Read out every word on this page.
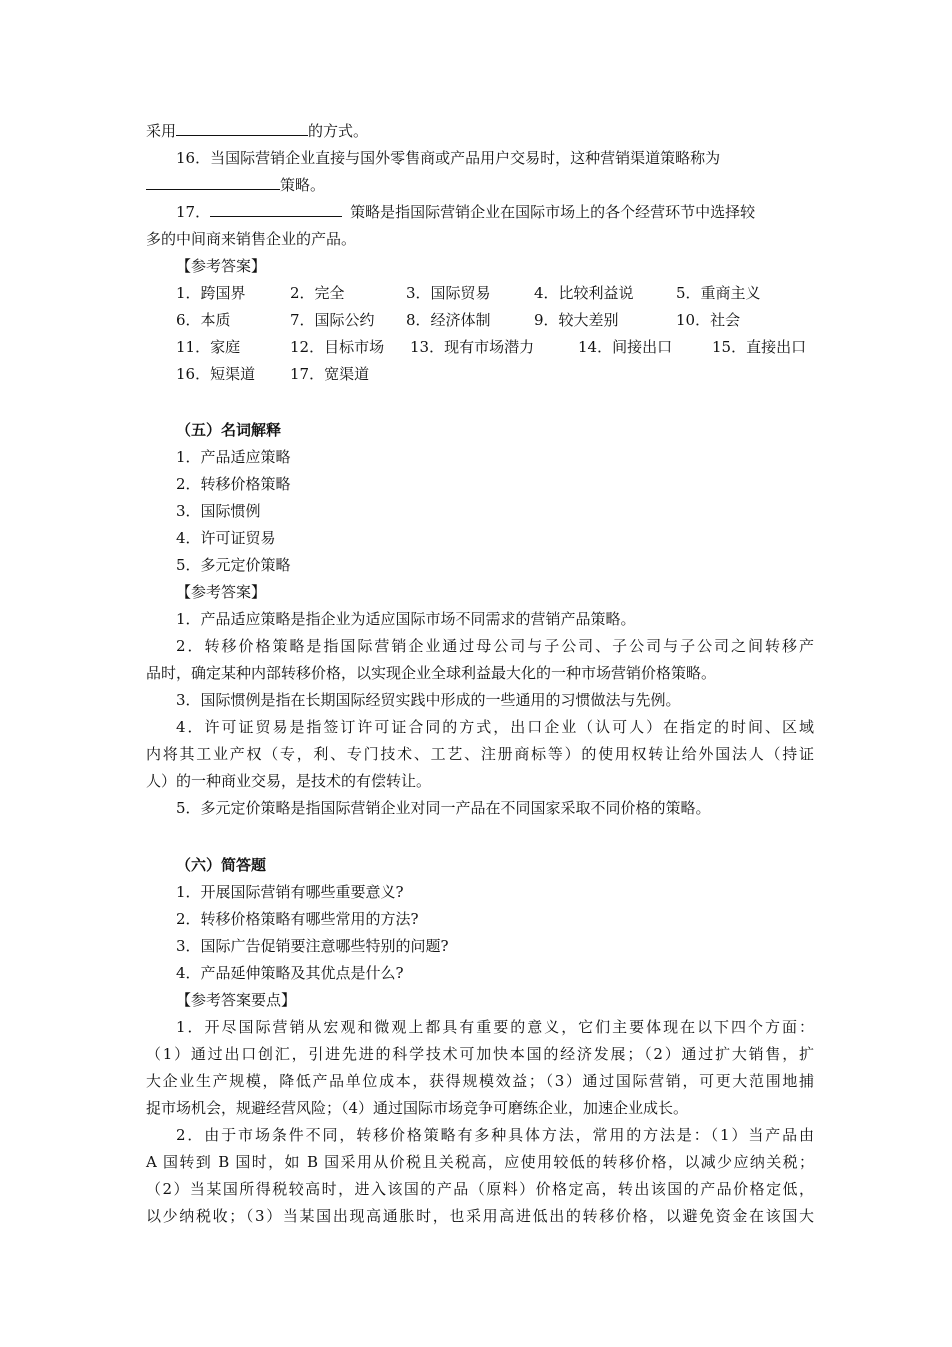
采用	的方式。
16．当国际营销企业直接与国外零售商或产品用户交易时，这种营销渠道策略称为
策略。
17．	策略是指国际营销企业在国际市场上的各个经营环节中选择较
多的中间商来销售企业的产品。
【参考答案】
1．跨国界	2．完全	3．国际贸易	4．比较利益说	5．重商主义
6．本质	7．国际公约	8．经济体制	9．较大差别	10．社会
11．家庭	12．目标市场	13．现有市场潜力	14．间接出口	15．直接出口
16．短渠道	17．宽渠道
（五）名词解释
1．产品适应策略
2．转移价格策略
3．国际惯例
4．许可证贸易
5．多元定价策略
【参考答案】
1．产品适应策略是指企业为适应国际市场不同需求的营销产品策略。
2．转移价格策略是指国际营销企业通过母公司与子公司、子公司与子公司之间转移产
品时，确定某种内部转移价格，以实现企业全球利益最大化的一种市场营销价格策略。
3．国际惯例是指在长期国际经贸实践中形成的一些通用的习惯做法与先例。
4．许可证贸易是指签订许可证合同的方式，出口企业（认可人）在指定的时间、区域
内将其工业产权（专，利、专门技术、工艺、注册商标等）的使用权转让给外国法人（持证
人）的一种商业交易，是技术的有偿转让。
5．多元定价策略是指国际营销企业对同一产品在不同国家采取不同价格的策略。
（六）简答题
1．开展国际营销有哪些重要意义?
2．转移价格策略有哪些常用的方法?
3．国际广告促销要注意哪些特别的问题?
4．产品延伸策略及其优点是什么?
【参考答案要点】
1．开尽国际营销从宏观和微观上都具有重要的意义，它们主要体现在以下四个方面：
（1）通过出口创汇，引进先进的科学技术可加快本国的经济发展；（2）通过扩大销售，扩
大企业生产规模，降低产品单位成本，获得规模效益；（3）通过国际营销，可更大范围地捕
捉市场机会，规避经营风险；（4）通过国际市场竞争可磨练企业，加速企业成长。
2．由于市场条件不同，转移价格策略有多种具体方法，常用的方法是：（1）当产品由
A 国转到 B 国时，如 B 国采用从价税且关税高，应使用较低的转移价格，以减少应纳关税；
（2）当某国所得税较高时，进入该国的产品（原料）价格定高，转出该国的产品价格定低，
以少纳税收；（3）当某国出现高通胀时，也采用高进低出的转移价格，以避免资金在该国大
